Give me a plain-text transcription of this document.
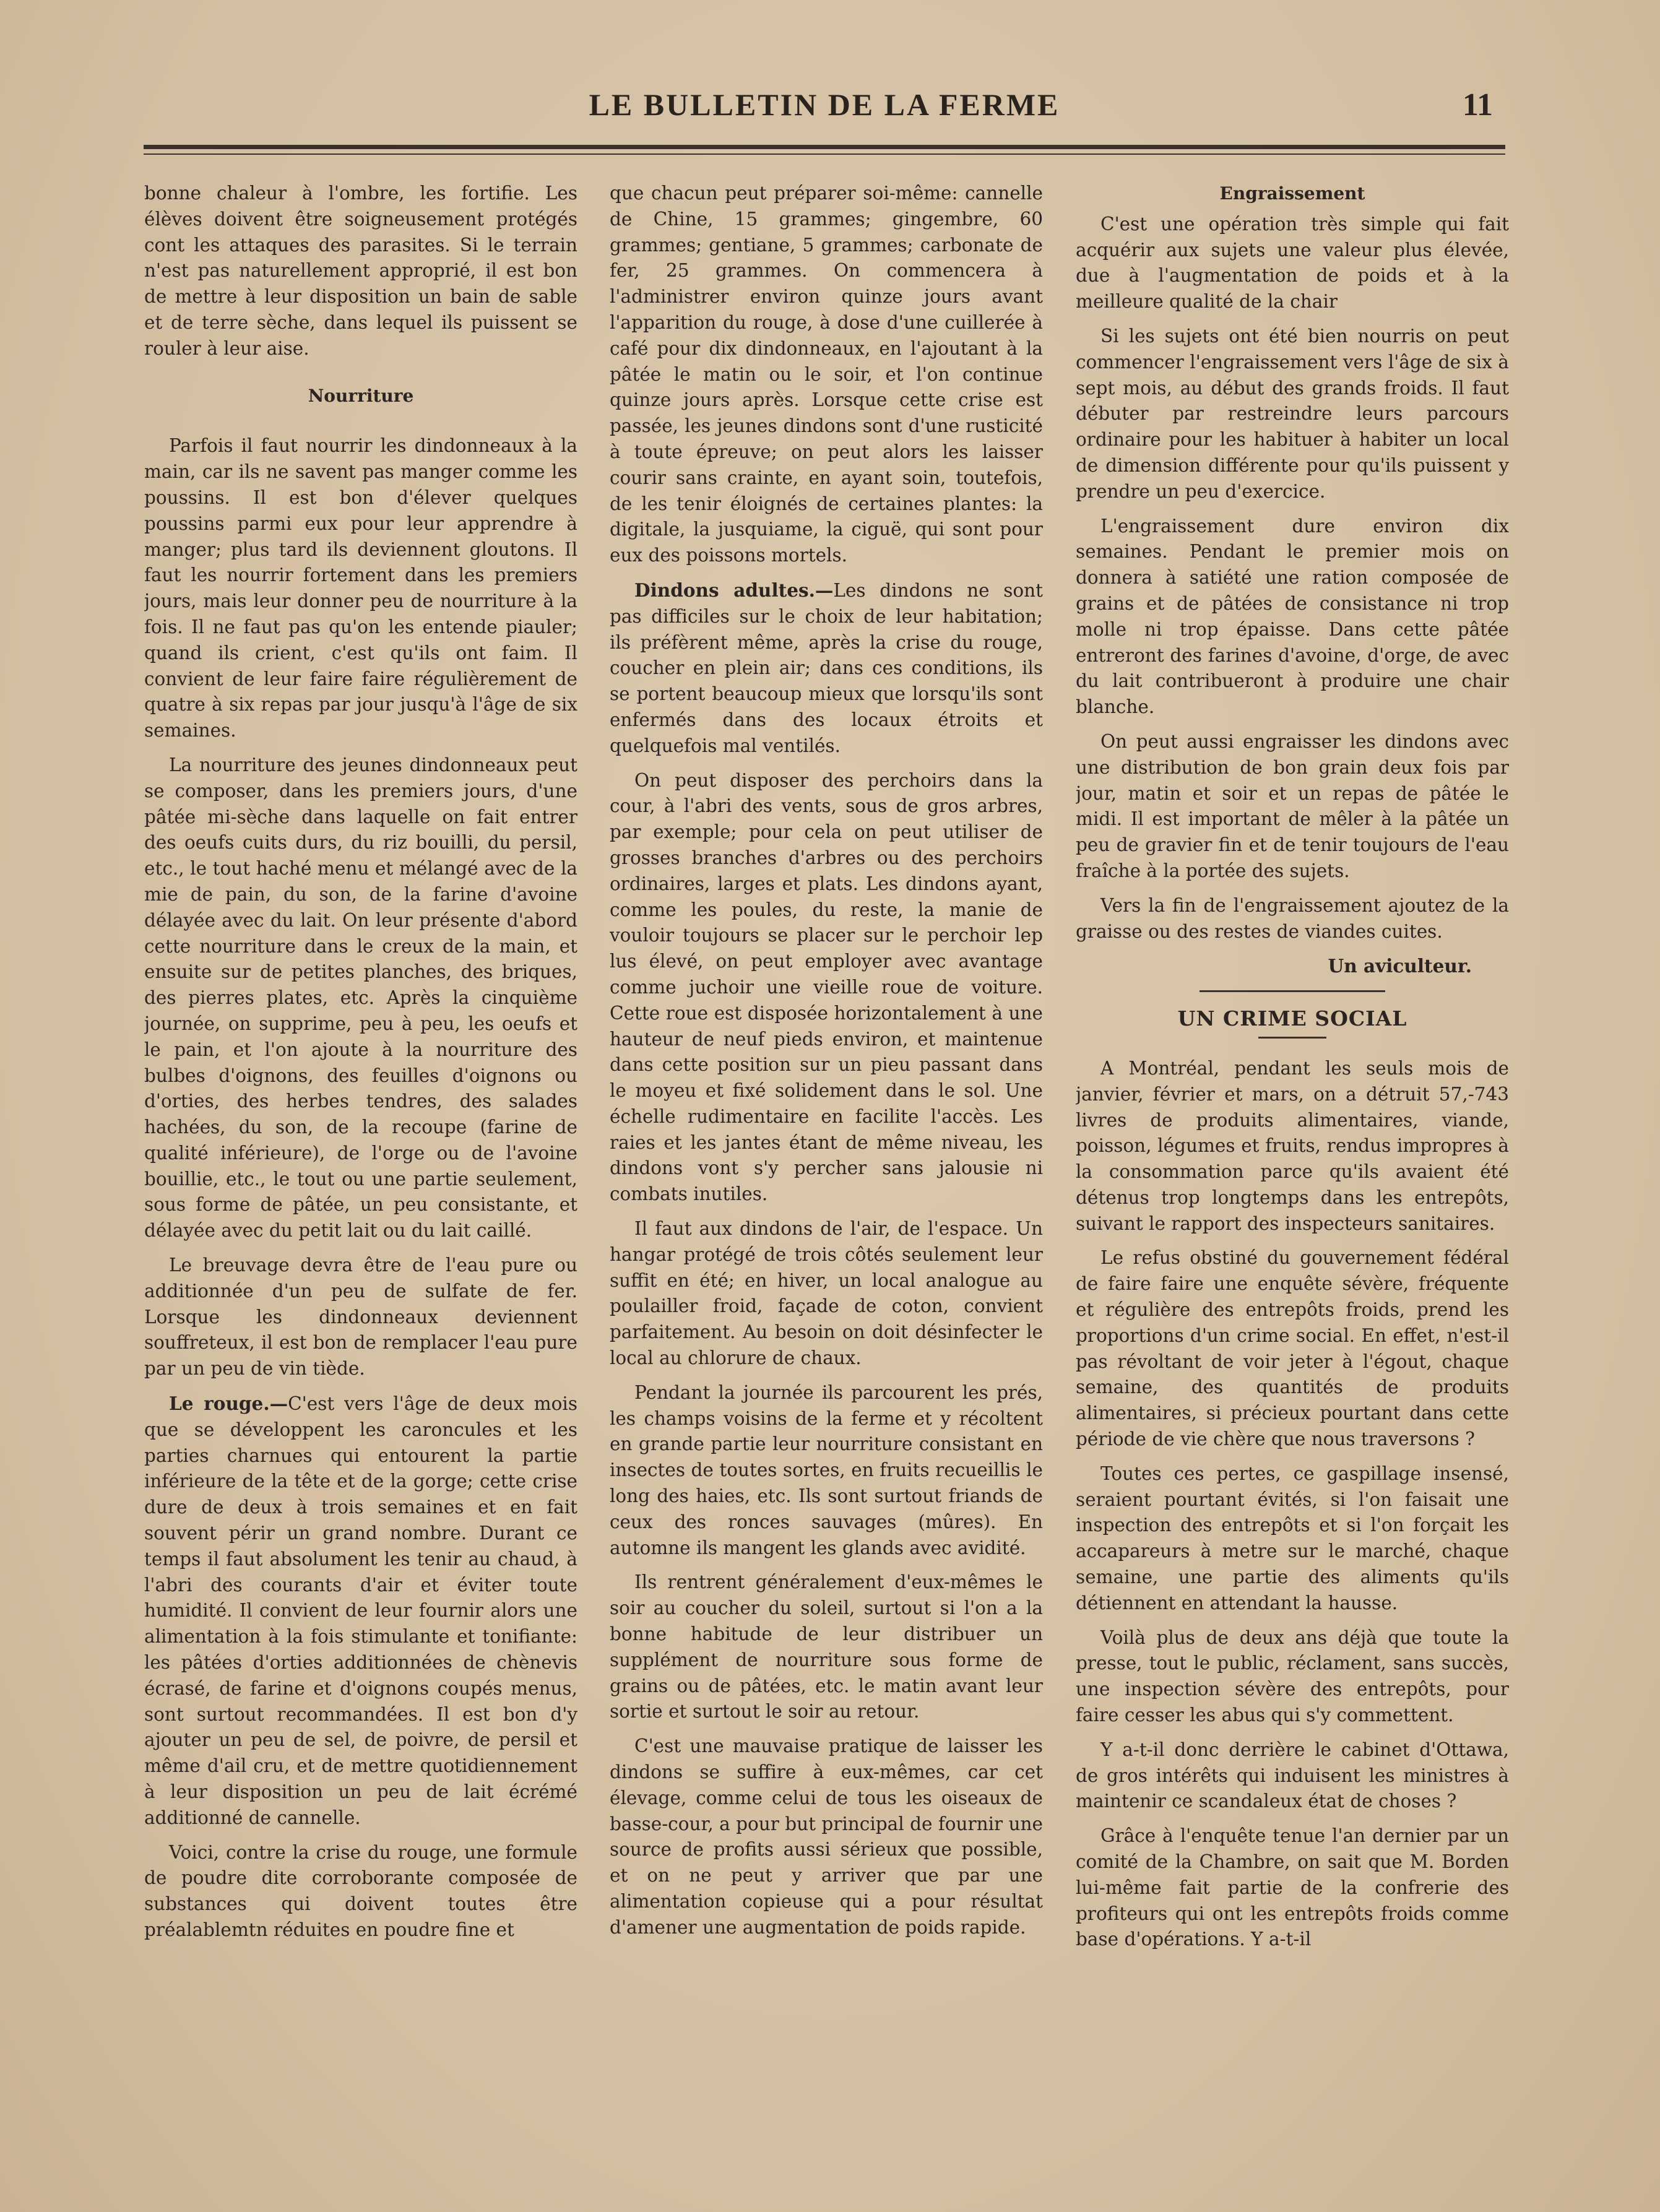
LE BULLETIN DE LA FERME	11

bonne chaleur à l'ombre, les fortifie. Les élèves doivent être soigneusement protégés cont les attaques des parasites. Si le terrain n'est pas naturellement approprié, il est bon de mettre à leur disposition un bain de sable et de terre sèche, dans lequel ils puissent se rouler à leur aise.

Nourriture

Parfois il faut nourrir les dindonneaux à la main, car ils ne savent pas manger comme les poussins. Il est bon d'élever quelques poussins parmi eux pour leur apprendre à manger; plus tard ils deviennent gloutons. Il faut les nourrir fortement dans les premiers jours, mais leur donner peu de nourriture à la fois. Il ne faut pas qu'on les entende piauler; quand ils crient, c'est qu'ils ont faim. Il convient de leur faire faire régulièrement de quatre à six repas par jour jusqu'à l'âge de six semaines.

La nourriture des jeunes dindonneaux peut se composer, dans les premiers jours, d'une pâtée mi-sèche dans laquelle on fait entrer des oeufs cuits durs, du riz bouilli, du persil, etc., le tout haché menu et mélangé avec de la mie de pain, du son, de la farine d'avoine délayée avec du lait. On leur présente d'abord cette nourriture dans le creux de la main, et ensuite sur de petites planches, des briques, des pierres plates, etc. Après la cinquième journée, on supprime, peu à peu, les oeufs et le pain, et l'on ajoute à la nourriture des bulbes d'oignons, des feuilles d'oignons ou d'orties, des herbes tendres, des salades hachées, du son, de la recoupe (farine de qualité inférieure), de l'orge ou de l'avoine bouillie, etc., le tout ou une partie seulement, sous forme de pâtée, un peu consistante, et délayée avec du petit lait ou du lait caillé.

Le breuvage devra être de l'eau pure ou additionnée d'un peu de sulfate de fer. Lorsque les dindonneaux deviennent souffreteux, il est bon de remplacer l'eau pure par un peu de vin tiède.

Le rouge.—C'est vers l'âge de deux mois que se développent les caroncules et les parties charnues qui entourent la partie inférieure de la tête et de la gorge; cette crise dure de deux à trois semaines et en fait souvent périr un grand nombre. Durant ce temps il faut absolument les tenir au chaud, à l'abri des courants d'air et éviter toute humidité. Il convient de leur fournir alors une alimentation à la fois stimulante et tonifiante: les pâtées d'orties additionnées de chènevis écrasé, de farine et d'oignons coupés menus, sont surtout recommandées. Il est bon d'y ajouter un peu de sel, de poivre, de persil et même d'ail cru, et de mettre quotidiennement à leur disposition un peu de lait écrémé additionné de cannelle.

Voici, contre la crise du rouge, une formule de poudre dite corroborante composée de substances qui doivent toutes être préalablemtn réduites en poudre fine et

que chacun peut préparer soi-même: cannelle de Chine, 15 grammes; gingembre, 60 grammes; gentiane, 5 grammes; carbonate de fer, 25 grammes. On commencera à l'administrer environ quinze jours avant l'apparition du rouge, à dose d'une cuillerée à café pour dix dindonneaux, en l'ajoutant à la pâtée le matin ou le soir, et l'on continue quinze jours après. Lorsque cette crise est passée, les jeunes dindons sont d'une rusticité à toute épreuve; on peut alors les laisser courir sans crainte, en ayant soin, toutefois, de les tenir éloignés de certaines plantes: la digitale, la jusquiame, la ciguë, qui sont pour eux des poissons mortels.

Dindons adultes.—Les dindons ne sont pas difficiles sur le choix de leur habitation; ils préfèrent même, après la crise du rouge, coucher en plein air; dans ces conditions, ils se portent beaucoup mieux que lorsqu'ils sont enfermés dans des locaux étroits et quelquefois mal ventilés.

On peut disposer des perchoirs dans la cour, à l'abri des vents, sous de gros arbres, par exemple; pour cela on peut utiliser de grosses branches d'arbres ou des perchoirs ordinaires, larges et plats. Les dindons ayant, comme les poules, du reste, la manie de vouloir toujours se placer sur le perchoir lep lus élevé, on peut employer avec avantage comme juchoir une vieille roue de voiture. Cette roue est disposée horizontalement à une hauteur de neuf pieds environ, et maintenue dans cette position sur un pieu passant dans le moyeu et fixé solidement dans le sol. Une échelle rudimentaire en facilite l'accès. Les raies et les jantes étant de même niveau, les dindons vont s'y percher sans jalousie ni combats inutiles.

Il faut aux dindons de l'air, de l'espace. Un hangar protégé de trois côtés seulement leur suffit en été; en hiver, un local analogue au poulailler froid, façade de coton, convient parfaitement. Au besoin on doit désinfecter le local au chlorure de chaux.

Pendant la journée ils parcourent les prés, les champs voisins de la ferme et y récoltent en grande partie leur nourriture consistant en insectes de toutes sortes, en fruits recueillis le long des haies, etc. Ils sont surtout friands de ceux des ronces sauvages (mûres). En automne ils mangent les glands avec avidité.

Ils rentrent généralement d'eux-mêmes le soir au coucher du soleil, surtout si l'on a la bonne habitude de leur distribuer un supplément de nourriture sous forme de grains ou de pâtées, etc. le matin avant leur sortie et surtout le soir au retour.

C'est une mauvaise pratique de laisser les dindons se suffire à eux-mêmes, car cet élevage, comme celui de tous les oiseaux de basse-cour, a pour but principal de fournir une source de profits aussi sérieux que possible, et on ne peut y arriver que par une alimentation copieuse qui a pour résultat d'amener une augmentation de poids rapide.

Engraissement

C'est une opération très simple qui fait acquérir aux sujets une valeur plus élevée, due à l'augmentation de poids et à la meilleure qualité de la chair

Si les sujets ont été bien nourris on peut commencer l'engraissement vers l'âge de six à sept mois, au début des grands froids. Il faut débuter par restreindre leurs parcours ordinaire pour les habituer à habiter un local de dimension différente pour qu'ils puissent y prendre un peu d'exercice.

L'engraissement dure environ dix semaines. Pendant le premier mois on donnera à satiété une ration composée de grains et de pâtées de consistance ni trop molle ni trop épaisse. Dans cette pâtée entreront des farines d'avoine, d'orge, de avec du lait contribueront à produire une chair blanche.

On peut aussi engraisser les dindons avec une distribution de bon grain deux fois par jour, matin et soir et un repas de pâtée le midi. Il est important de mêler à la pâtée un peu de gravier fin et de tenir toujours de l'eau fraîche à la portée des sujets.

Vers la fin de l'engraissement ajoutez de la graisse ou des restes de viandes cuites.

Un aviculteur.
UN CRIME SOCIAL

A Montréal, pendant les seuls mois de janvier, février et mars, on a détruit 57,-743 livres de produits alimentaires, viande, poisson, légumes et fruits, rendus impropres à la consommation parce qu'ils avaient été détenus trop longtemps dans les entrepôts, suivant le rapport des inspecteurs sanitaires.

Le refus obstiné du gouvernement fédéral de faire faire une enquête sévère, fréquente et régulière des entrepôts froids, prend les proportions d'un crime social. En effet, n'est-il pas révoltant de voir jeter à l'égout, chaque semaine, des quantités de produits alimentaires, si précieux pourtant dans cette période de vie chère que nous traversons ?

Toutes ces pertes, ce gaspillage insensé, seraient pourtant évités, si l'on faisait une inspection des entrepôts et si l'on forçait les accapareurs à metre sur le marché, chaque semaine, une partie des aliments qu'ils détiennent en attendant la hausse.

Voilà plus de deux ans déjà que toute la presse, tout le public, réclament, sans succès, une inspection sévère des entrepôts, pour faire cesser les abus qui s'y commettent.

Y a-t-il donc derrière le cabinet d'Ottawa, de gros intérêts qui induisent les ministres à maintenir ce scandaleux état de choses ?

Grâce à l'enquête tenue l'an dernier par un comité de la Chambre, on sait que M. Borden lui-même fait partie de la confrerie des profiteurs qui ont les entrepôts froids comme base d'opérations. Y a-t-il
